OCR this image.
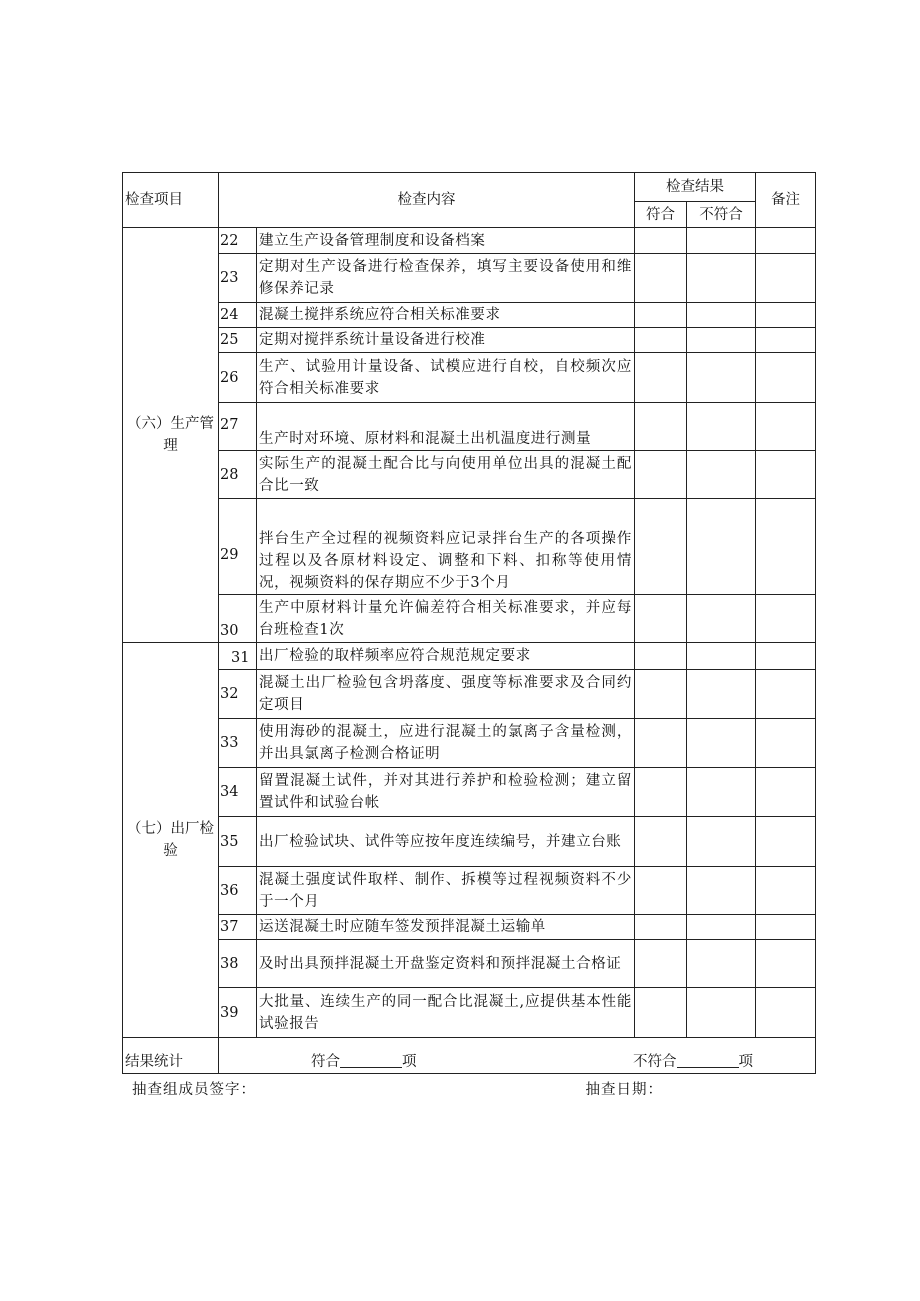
检查项目	检查内容		检查结果		备注
			符合	不符合	
（六）生产管理	22	建立生产设备管理制度和设备档案			
	23	定期对生产设备进行检查保养，填写主要设备使用和维修保养记录			
	24	混凝土搅拌系统应符合相关标准要求			
	25	定期对搅拌系统计量设备进行校准			
	26	生产、试验用计量设备、试模应进行自校，自校频次应符合相关标准要求			
	27	生产时对环境、原材料和混凝土出机温度进行测量			
	28	实际生产的混凝土配合比与向使用单位出具的混凝土配合比一致			
	29	拌台生产全过程的视频资料应记录拌台生产的各项操作过程以及各原材料设定、调整和下料、扣称等使用情况，视频资料的保存期应不少于3个月			
	30	生产中原材料计量允许偏差符合相关标准要求，并应每台班检查1次			
（七）出厂检验	31	出厂检验的取样频率应符合规范规定要求			
	32	混凝土出厂检验包含坍落度、强度等标准要求及合同约定项目			
	33	使用海砂的混凝土，应进行混凝土的氯离子含量检测，并出具氯离子检测合格证明			
	34	留置混凝土试件，并对其进行养护和检验检测；建立留置试件和试验台帐			
	35	出厂检验试块、试件等应按年度连续编号，并建立台账			
	36	混凝土强度试件取样、制作、拆模等过程视频资料不少于一个月			
	37	运送混凝土时应随车签发预拌混凝土运输单			
	38	及时出具预拌混凝土开盘鉴定资料和预拌混凝土合格证			
	39	大批量、连续生产的同一配合比混凝土,应提供基本性能试验报告			
结果统计	符合 项 不符合 项				
抽查组成员签字：	抽查日期：
